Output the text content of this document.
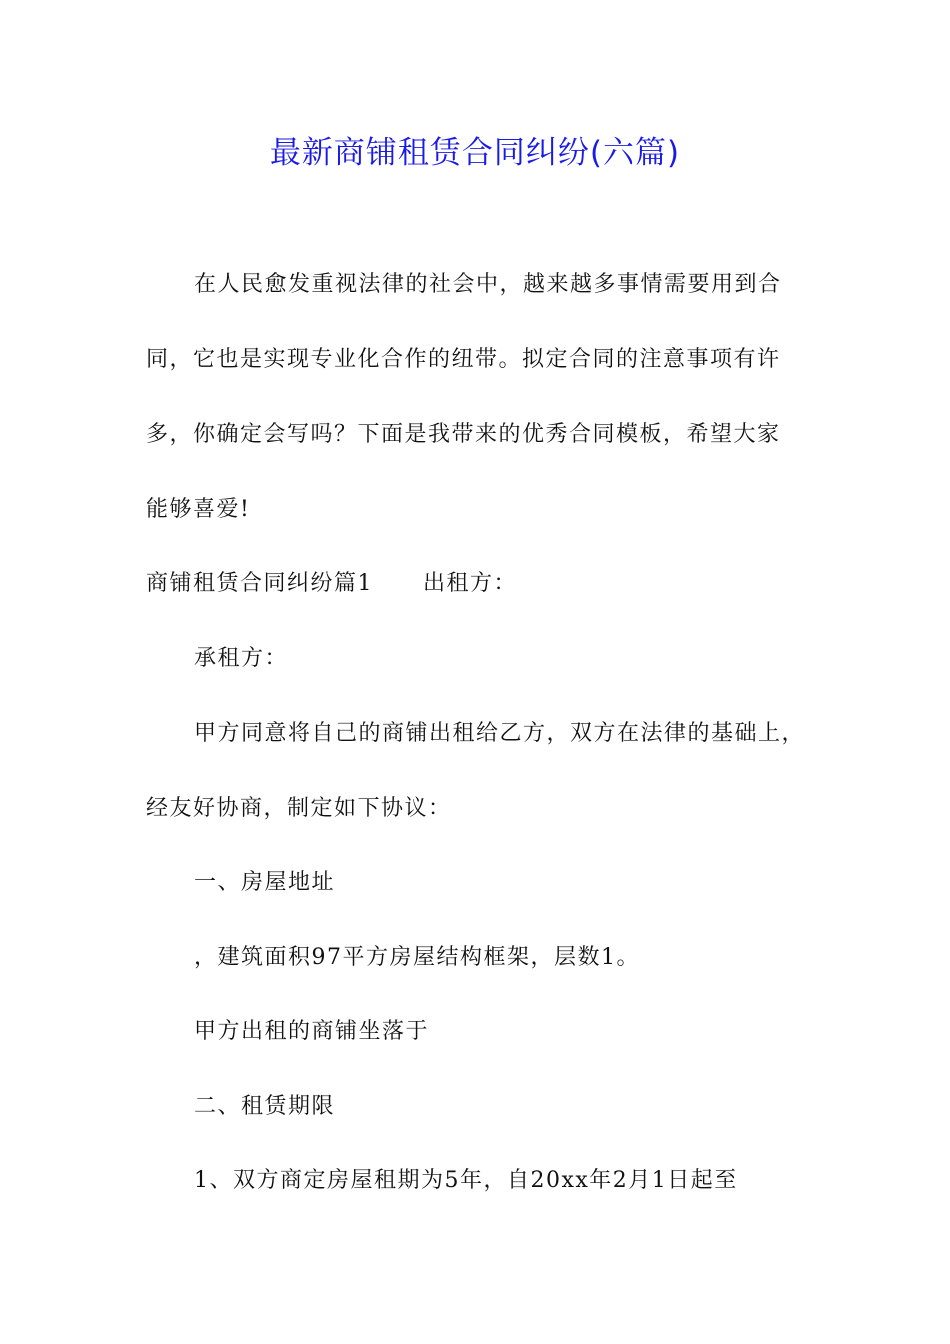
最新商铺租赁合同纠纷(六篇)
在人民愈发重视法律的社会中，越来越多事情需要用到合
同，它也是实现专业化合作的纽带。拟定合同的注意事项有许
多，你确定会写吗？下面是我带来的优秀合同模板，希望大家
能够喜爱!
商铺租赁合同纠纷篇1 出租方：
承租方：
甲方同意将自己的商铺出租给乙方，双方在法律的基础上，
经友好协商，制定如下协议：
一、房屋地址
，建筑面积97平方房屋结构框架，层数1。
甲方出租的商铺坐落于
二、租赁期限
1、双方商定房屋租期为5年，自20xx年2月1日起至
